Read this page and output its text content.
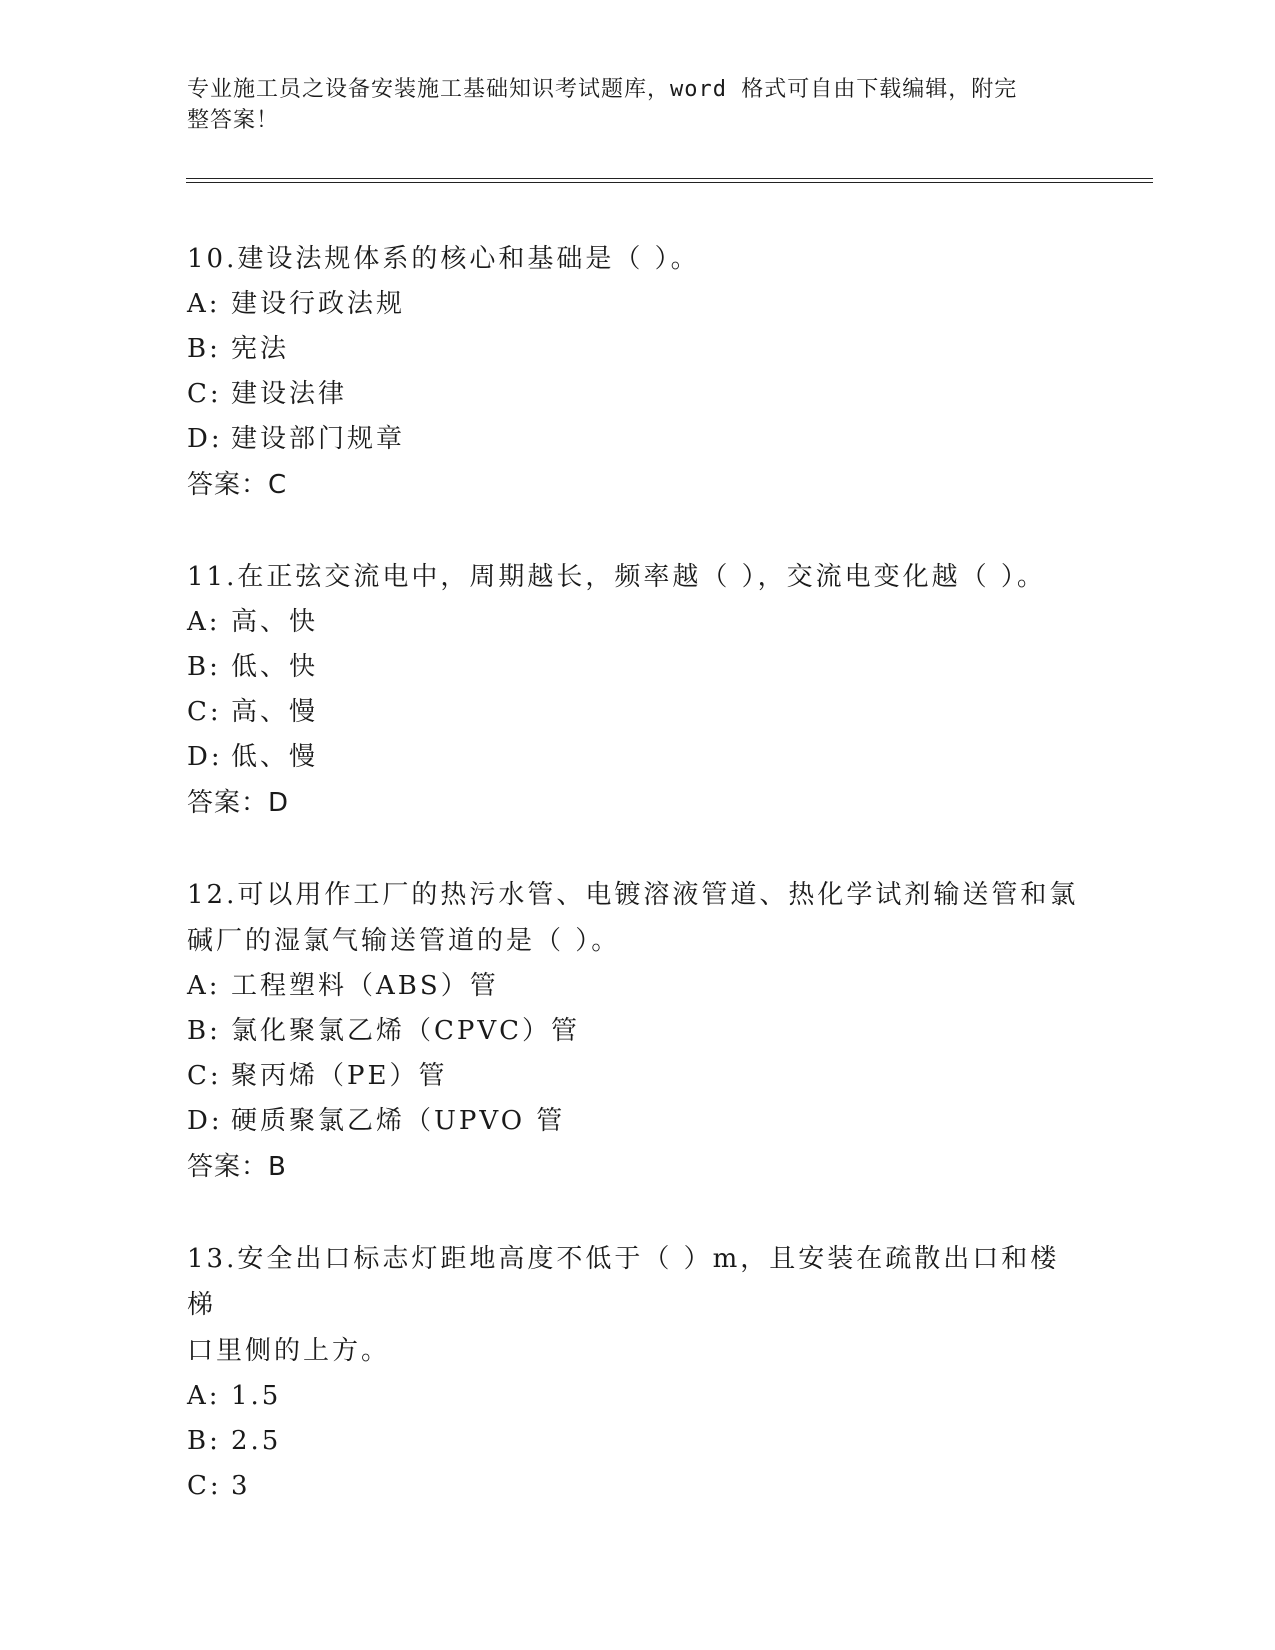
专业施工员之设备安装施工基础知识考试题库，word 格式可自由下载编辑，附完
整答案！
10.建设法规体系的核心和基础是（ ）。
A: 建设行政法规
B: 宪法
C: 建设法律
D: 建设部门规章
答案：C
11.在正弦交流电中，周期越长，频率越（ ），交流电变化越（ ）。
A: 高、快
B: 低、快
C: 高、慢
D: 低、慢
答案：D
12.可以用作工厂的热污水管、电镀溶液管道、热化学试剂输送管和氯
碱厂的湿氯气输送管道的是（ ）。
A: 工程塑料（ABS）管
B: 氯化聚氯乙烯（CPVC）管
C: 聚丙烯（PE）管
D: 硬质聚氯乙烯（UPVO 管
答案：B
13.安全出口标志灯距地高度不低于（ ）m，且安装在疏散出口和楼梯
口里侧的上方。
A: 1.5
B: 2.5
C: 3
